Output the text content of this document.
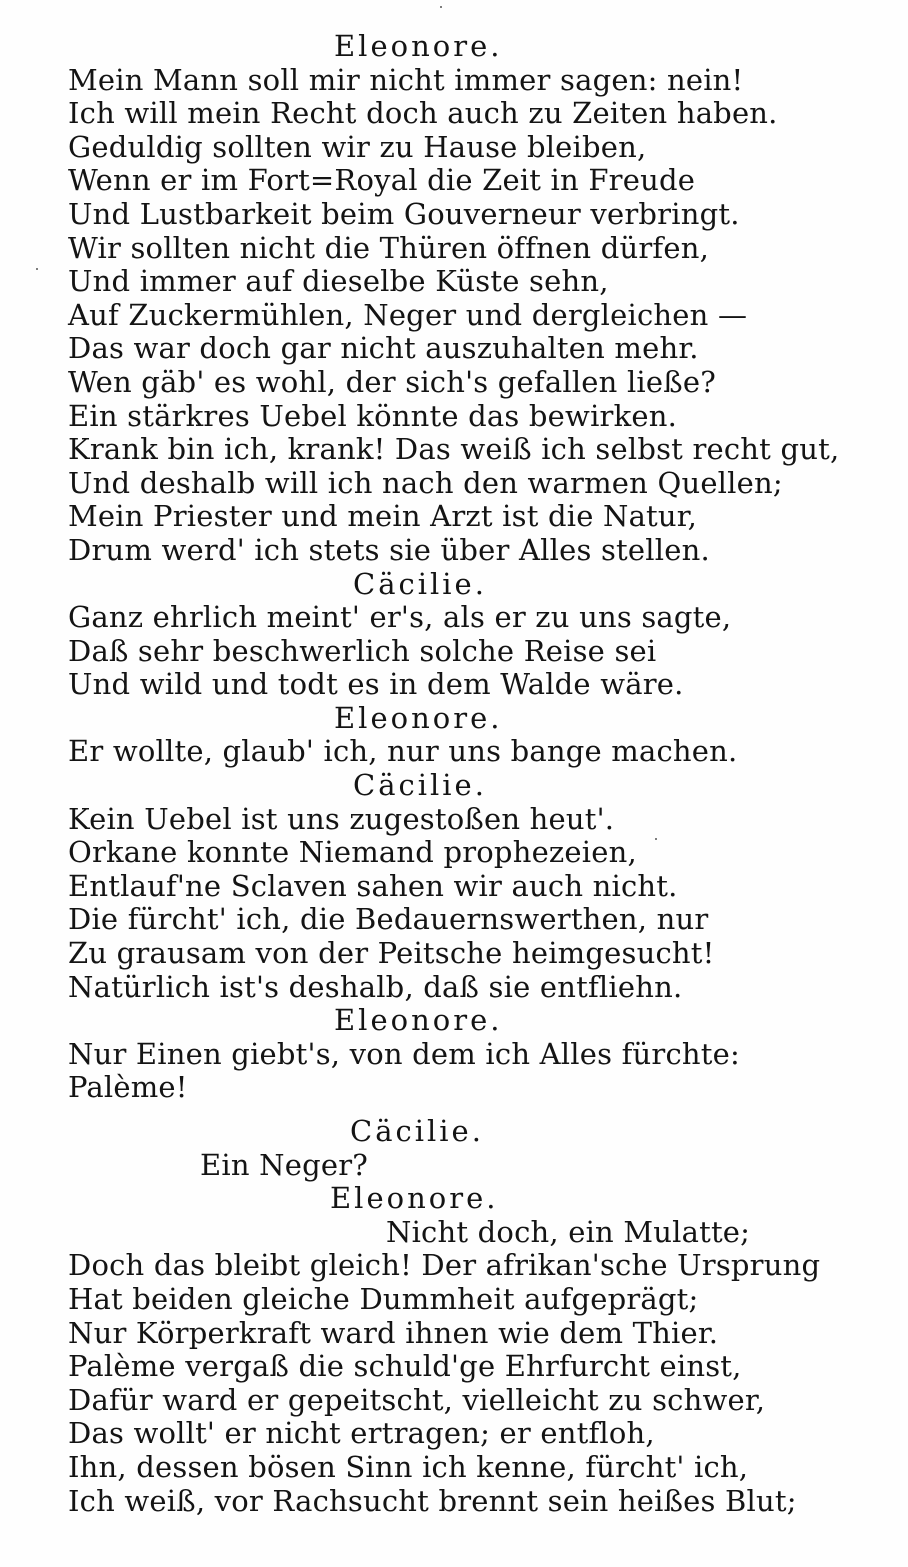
Eleonore.
Mein Mann soll mir nicht immer sagen: nein!
Ich will mein Recht doch auch zu Zeiten haben.
Geduldig sollten wir zu Hause bleiben,
Wenn er im Fort=Royal die Zeit in Freude
Und Lustbarkeit beim Gouverneur verbringt.
Wir sollten nicht die Thüren öffnen dürfen,
Und immer auf dieselbe Küste sehn,
Auf Zuckermühlen, Neger und dergleichen —
Das war doch gar nicht auszuhalten mehr.
Wen gäb' es wohl, der sich's gefallen ließe?
Ein stärkres Uebel könnte das bewirken.
Krank bin ich, krank! Das weiß ich selbst recht gut,
Und deshalb will ich nach den warmen Quellen;
Mein Priester und mein Arzt ist die Natur,
Drum werd' ich stets sie über Alles stellen.
Cäcilie.
Ganz ehrlich meint' er's, als er zu uns sagte,
Daß sehr beschwerlich solche Reise sei
Und wild und todt es in dem Walde wäre.
Eleonore.
Er wollte, glaub' ich, nur uns bange machen.
Cäcilie.
Kein Uebel ist uns zugestoßen heut'.
Orkane konnte Niemand prophezeien,
Entlauf'ne Sclaven sahen wir auch nicht.
Die fürcht' ich, die Bedauernswerthen, nur
Zu grausam von der Peitsche heimgesucht!
Natürlich ist's deshalb, daß sie entfliehn.
Eleonore.
Nur Einen giebt's, von dem ich Alles fürchte:
Palème!
Cäcilie.
Ein Neger?
Eleonore.
Nicht doch, ein Mulatte;
Doch das bleibt gleich! Der afrikan'sche Ursprung
Hat beiden gleiche Dummheit aufgeprägt;
Nur Körperkraft ward ihnen wie dem Thier.
Palème vergaß die schuld'ge Ehrfurcht einst,
Dafür ward er gepeitscht, vielleicht zu schwer,
Das wollt' er nicht ertragen; er entfloh,
Ihn, dessen bösen Sinn ich kenne, fürcht' ich,
Ich weiß, vor Rachsucht brennt sein heißes Blut;
